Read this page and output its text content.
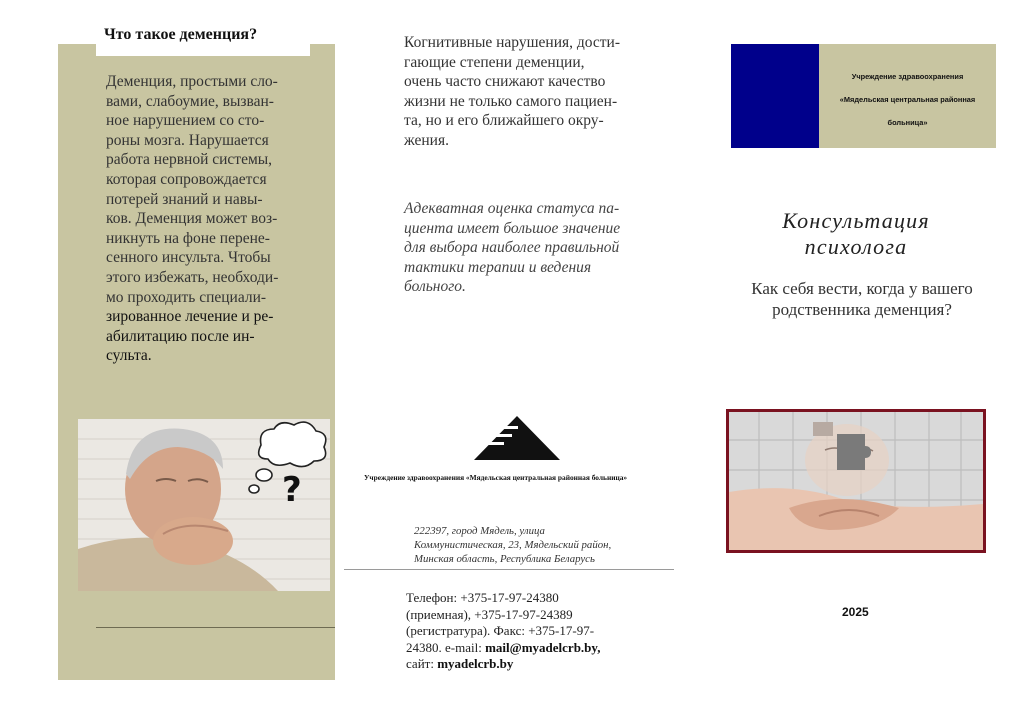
Что такое деменция?
Деменция, простыми сло-
вами, слабоумие, вызван-
ное нарушением со сто-
роны мозга. Нарушается
работа нервной системы,
которая сопровождается
потерей знаний и навы-
ков. Деменция может воз-
никнуть на фоне перене-
сенного инсульта. Чтобы
этого избежать, необходи-
мо проходить специали-
зированное лечение и ре-
абилитацию после ин-
сульта.
?
Когнитивные нарушения, дости-
гающие степени деменции,
очень часто снижают качество
жизни не только самого пациен-
та, но и его ближайшего окру-
жения.
Адекватная оценка статуса па-
циента имеет большое значение
для выбора наиболее правильной
тактики терапии и ведения
больного.
Учреждение здравоохранения «Мядельская центральная районная больница»
222397, город Мядель, улица
Коммунистическая, 23, Мядельский район,
Минская область, Республика Беларусь
Телефон: +375-17-97-24380
(приемная), +375-17-97-24389
(регистратура). Факс: +375-17-97-
24380. e-mail: mail@myadelcrb.by,
сайт: myadelcrb.by
Учреждение здравоохранения
«Мядельская центральная районная
больница»
Консультация психолога
Как себя вести, когда у вашего
родственника деменция?
2025
